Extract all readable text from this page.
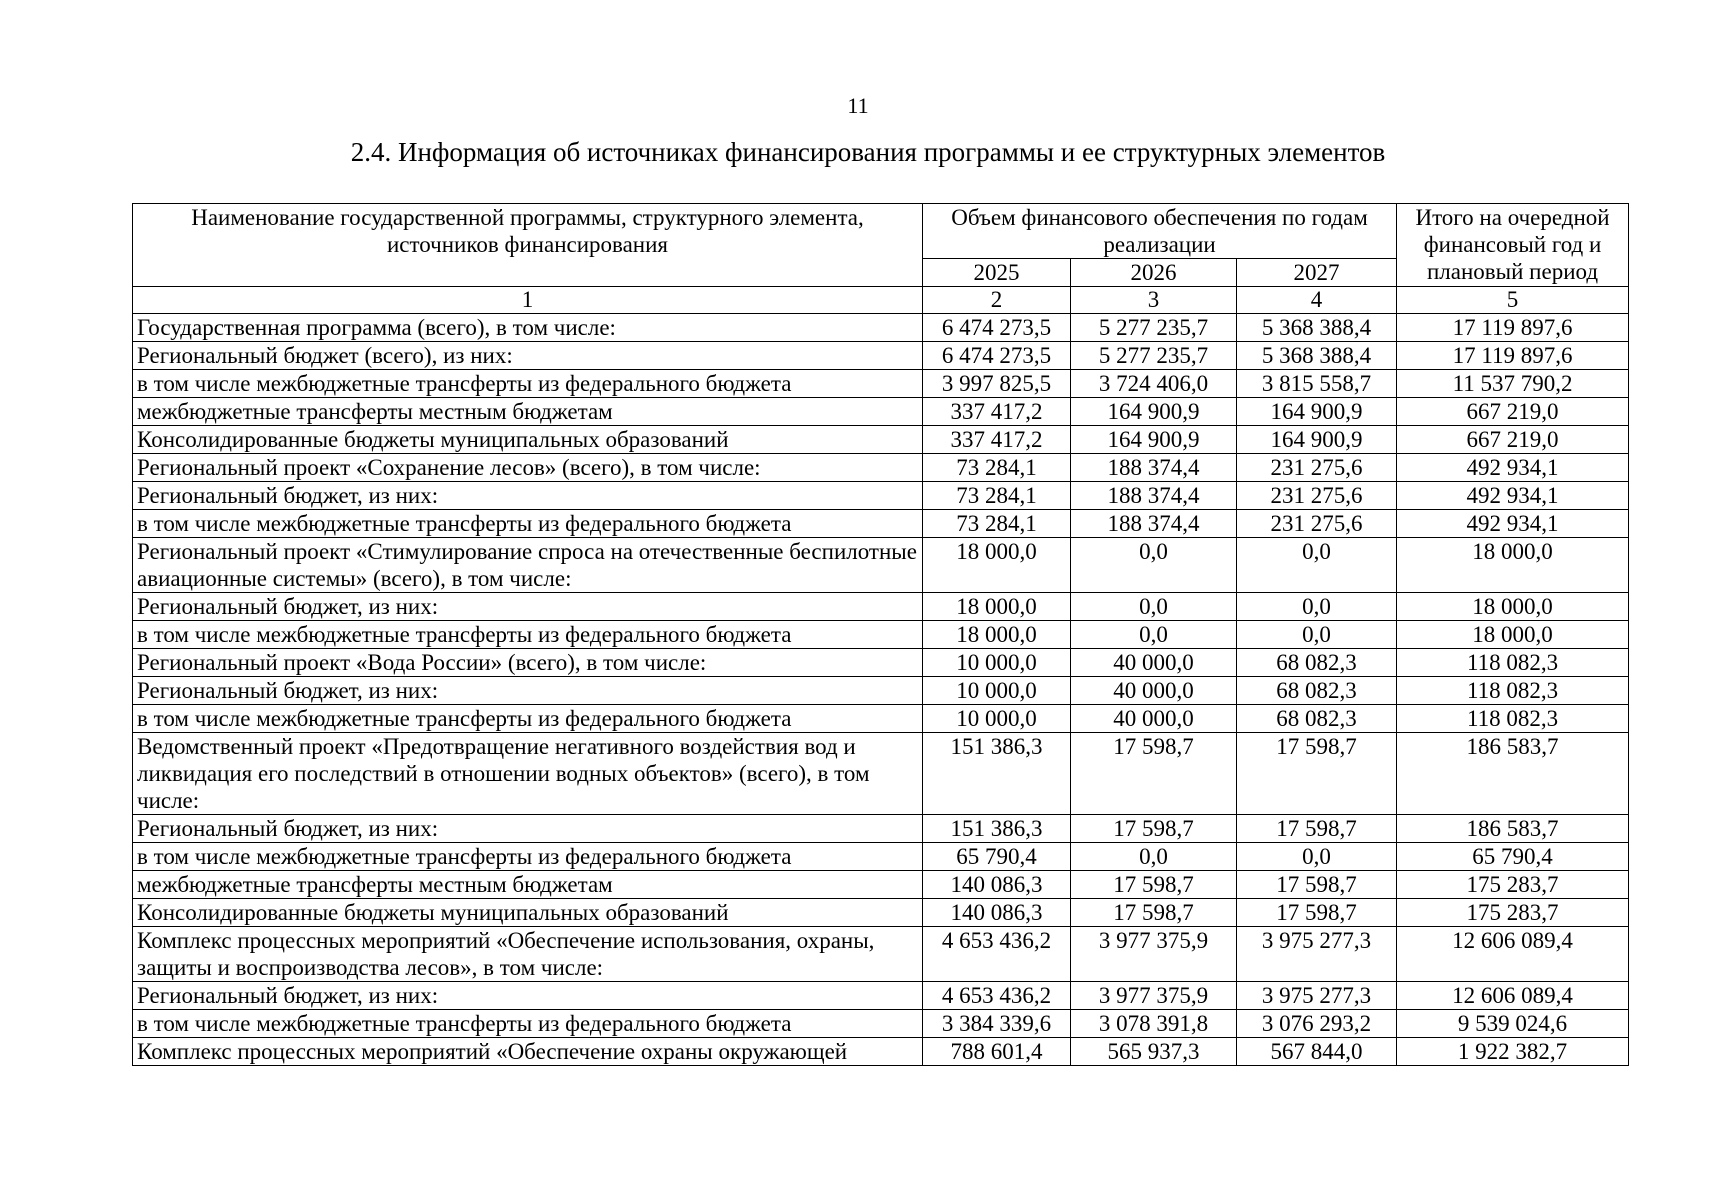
11
2.4. Информация об источниках финансирования программы и ее структурных элементов
Наименование государственной программы, структурного элемента, источников финансирования	Объем финансового обеспечения по годам реализации			Итого на очередной финансовый год и плановый период
	2025	2026	2027	
1	2	3	4	5
Государственная программа (всего), в том числе:	6 474 273,5	5 277 235,7	5 368 388,4	17 119 897,6
Региональный бюджет (всего), из них:	6 474 273,5	5 277 235,7	5 368 388,4	17 119 897,6
в том числе межбюджетные трансферты из федерального бюджета	3 997 825,5	3 724 406,0	3 815 558,7	11 537 790,2
межбюджетные трансферты местным бюджетам	337 417,2	164 900,9	164 900,9	667 219,0
Консолидированные бюджеты муниципальных образований	337 417,2	164 900,9	164 900,9	667 219,0
Региональный проект «Сохранение лесов» (всего), в том числе:	73 284,1	188 374,4	231 275,6	492 934,1
Региональный бюджет, из них:	73 284,1	188 374,4	231 275,6	492 934,1
в том числе межбюджетные трансферты из федерального бюджета	73 284,1	188 374,4	231 275,6	492 934,1
Региональный проект «Стимулирование спроса на отечественные беспилотные авиационные системы» (всего), в том числе:	18 000,0	0,0	0,0	18 000,0
Региональный бюджет, из них:	18 000,0	0,0	0,0	18 000,0
в том числе межбюджетные трансферты из федерального бюджета	18 000,0	0,0	0,0	18 000,0
Региональный проект «Вода России» (всего), в том числе:	10 000,0	40 000,0	68 082,3	118 082,3
Региональный бюджет, из них:	10 000,0	40 000,0	68 082,3	118 082,3
в том числе межбюджетные трансферты из федерального бюджета	10 000,0	40 000,0	68 082,3	118 082,3
Ведомственный проект «Предотвращение негативного воздействия вод и ликвидация его последствий в отношении водных объектов» (всего), в том числе:	151 386,3	17 598,7	17 598,7	186 583,7
Региональный бюджет, из них:	151 386,3	17 598,7	17 598,7	186 583,7
в том числе межбюджетные трансферты из федерального бюджета	65 790,4	0,0	0,0	65 790,4
межбюджетные трансферты местным бюджетам	140 086,3	17 598,7	17 598,7	175 283,7
Консолидированные бюджеты муниципальных образований	140 086,3	17 598,7	17 598,7	175 283,7
Комплекс процессных мероприятий «Обеспечение использования, охраны, защиты и воспроизводства лесов», в том числе:	4 653 436,2	3 977 375,9	3 975 277,3	12 606 089,4
Региональный бюджет, из них:	4 653 436,2	3 977 375,9	3 975 277,3	12 606 089,4
в том числе межбюджетные трансферты из федерального бюджета	3 384 339,6	3 078 391,8	3 076 293,2	9 539 024,6
Комплекс процессных мероприятий «Обеспечение охраны окружающей	788 601,4	565 937,3	567 844,0	1 922 382,7
